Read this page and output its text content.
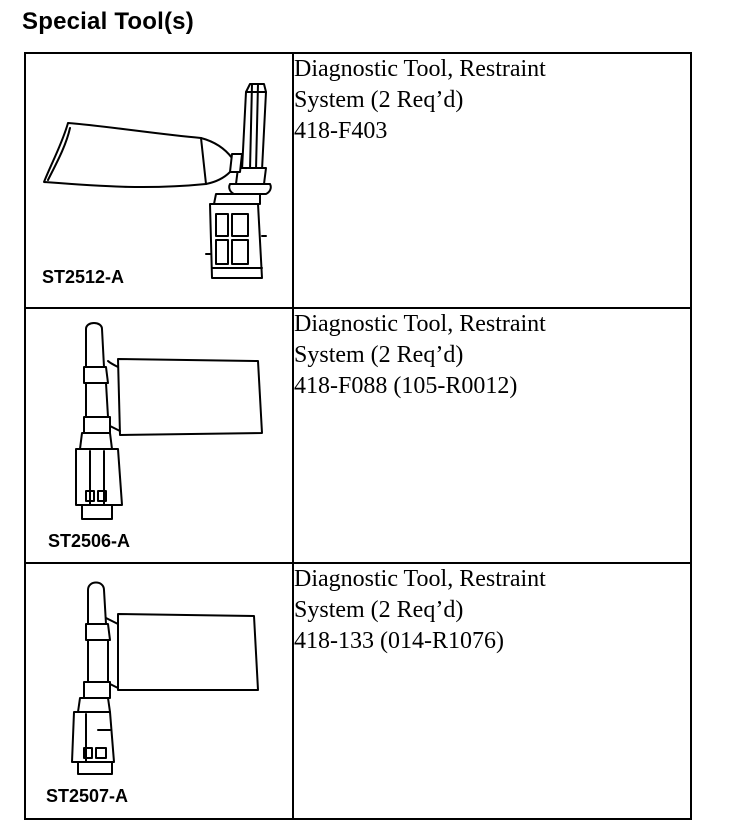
Special Tool(s)
ST2512-A	Diagnostic Tool, Restraint
System (2 Req’d)
418-F403

ST2506-A	Diagnostic Tool, Restraint
System (2 Req’d)
418-F088 (105-R0012)

ST2507-A	Diagnostic Tool, Restraint
System (2 Req’d)
418-133 (014-R1076)
